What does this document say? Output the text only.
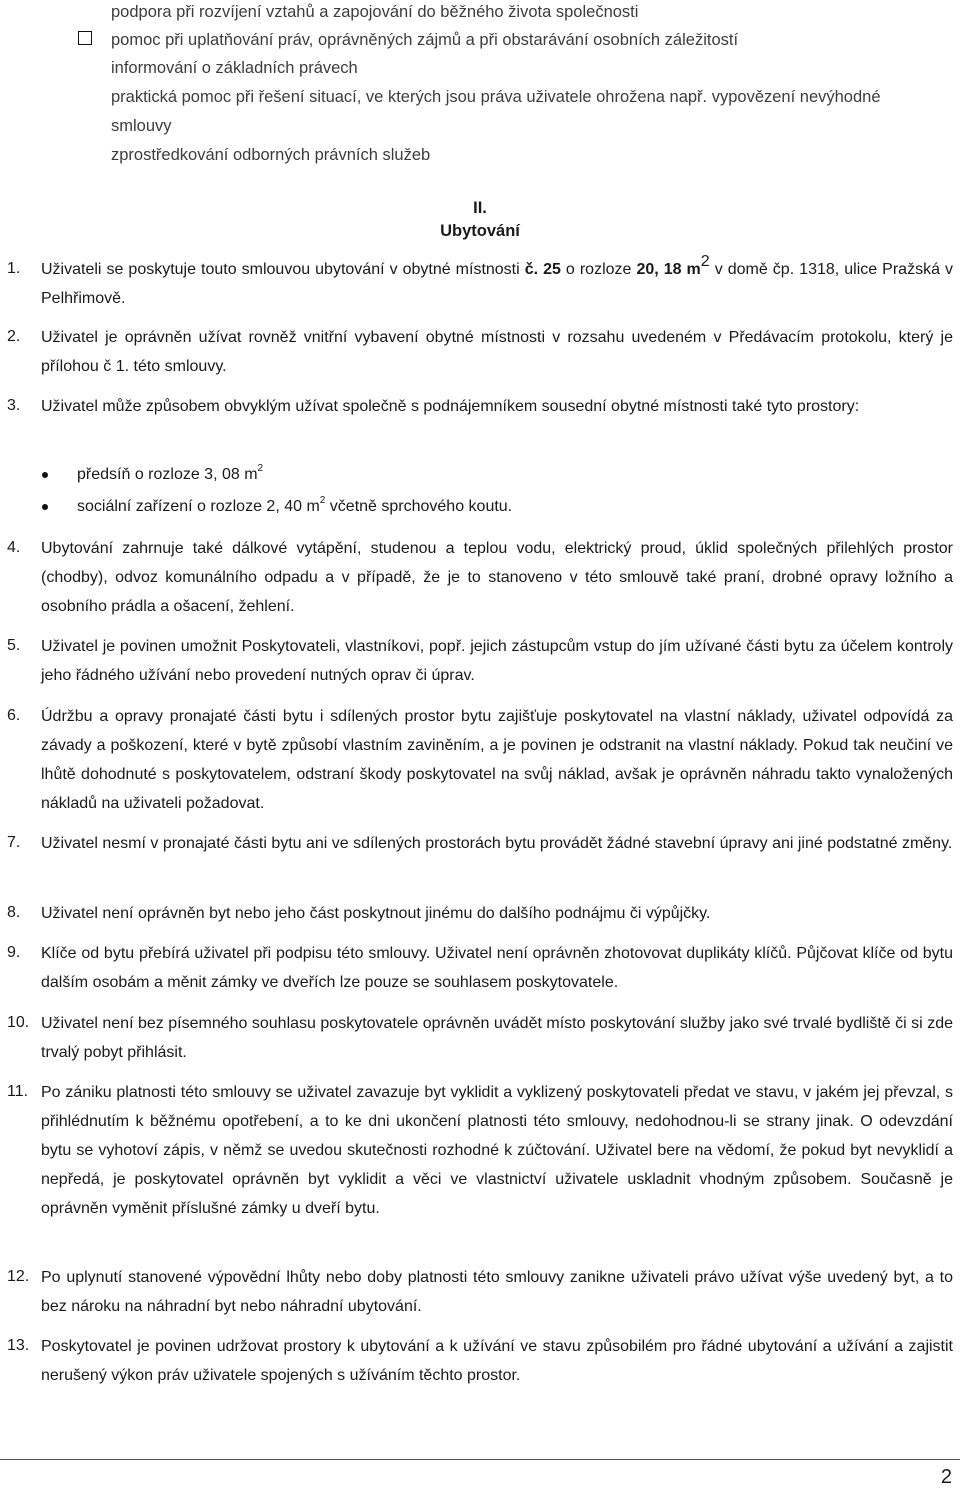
podpora při rozvíjení vztahů a zapojování do běžného života společnosti
pomoc při uplatňování práv, oprávněných zájmů a při obstarávání osobních záležitostí
informování o základních právech
praktická pomoc při řešení situací, ve kterých jsou práva uživatele ohrožena např. vypovězení nevýhodné
smlouvy
zprostředkování odborných právních služeb
II.
Ubytování
1. Uživateli se poskytuje touto smlouvou ubytování v obytné místnosti č. 25 o rozloze 20, 18 $m^2$ v domě čp. 1318, ulice Pražská v Pelhřimově.
2. Uživatel je oprávněn užívat rovněž vnitřní vybavení obytné místnosti v rozsahu uvedeném v Předávacím protokolu, který je přílohou č 1. této smlouvy.
3. Uživatel může způsobem obvyklým užívat společně s podnájemníkem sousední obytné místnosti také tyto prostory:
předsíň o rozloze 3, 08 $m^2$
sociální zařízení o rozloze 2, 40 $m^2$ včetně sprchového koutu.
4. Ubytování zahrnuje také dálkové vytápění, studenou a teplou vodu, elektrický proud, úklid společných přilehlých prostor (chodby), odvoz komunálního odpadu a v případě, že je to stanoveno v této smlouvě také praní, drobné opravy ložního a osobního prádla a ošacení, žehlení.
5. Uživatel je povinen umožnit Poskytovateli, vlastníkovi, popř. jejich zástupcům vstup do jím užívané části bytu za účelem kontroly jeho řádného užívání nebo provedení nutných oprav či úprav.
6. Údržbu a opravy pronajaté části bytu i sdílených prostor bytu zajišťuje poskytovatel na vlastní náklady, uživatel odpovídá za závady a poškození, které v bytě způsobí vlastním zaviněním, a je povinen je odstranit na vlastní náklady. Pokud tak neučiní ve lhůtě dohodnuté s poskytovatelem, odstraní škody poskytovatel na svůj náklad, avšak je oprávněn náhradu takto vynaložených nákladů na uživateli požadovat.
7. Uživatel nesmí v pronajaté části bytu ani ve sdílených prostorách bytu provádět žádné stavební úpravy ani jiné podstatné změny.
8. Uživatel není oprávněn byt nebo jeho část poskytnout jinému do dalšího podnájmu či výpůjčky.
9. Klíče od bytu přebírá uživatel při podpisu této smlouvy. Uživatel není oprávněn zhotovovat duplikáty klíčů. Půjčovat klíče od bytu dalším osobám a měnit zámky ve dveřích lze pouze se souhlasem poskytovatele.
10. Uživatel není bez písemného souhlasu poskytovatele oprávněn uvádět místo poskytování služby jako své trvalé bydliště či si zde trvalý pobyt přihlásit.
11. Po zániku platnosti této smlouvy se uživatel zavazuje byt vyklidit a vyklizený poskytovateli předat ve stavu, v jakém jej převzal, s přihlédnutím k běžnému opotřebení, a to ke dni ukončení platnosti této smlouvy, nedohodnou-li se strany jinak. O odevzdání bytu se vyhotoví zápis, v němž se uvedou skutečnosti rozhodné k zúčtování. Uživatel bere na vědomí, že pokud byt nevyklidí a nepředá, je poskytovatel oprávněn byt vyklidit a věci ve vlastnictví uživatele uskladnit vhodným způsobem. Současně je oprávněn vyměnit příslušné zámky u dveří bytu.
12. Po uplynutí stanovené výpovědní lhůty nebo doby platnosti této smlouvy zanikne uživateli právo užívat výše uvedený byt, a to bez nároku na náhradní byt nebo náhradní ubytování.
13. Poskytovatel je povinen udržovat prostory k ubytování a k užívání ve stavu způsobilém pro řádné ubytování a užívání a zajistit nerušený výkon práv uživatele spojených s užíváním těchto prostor.
2
